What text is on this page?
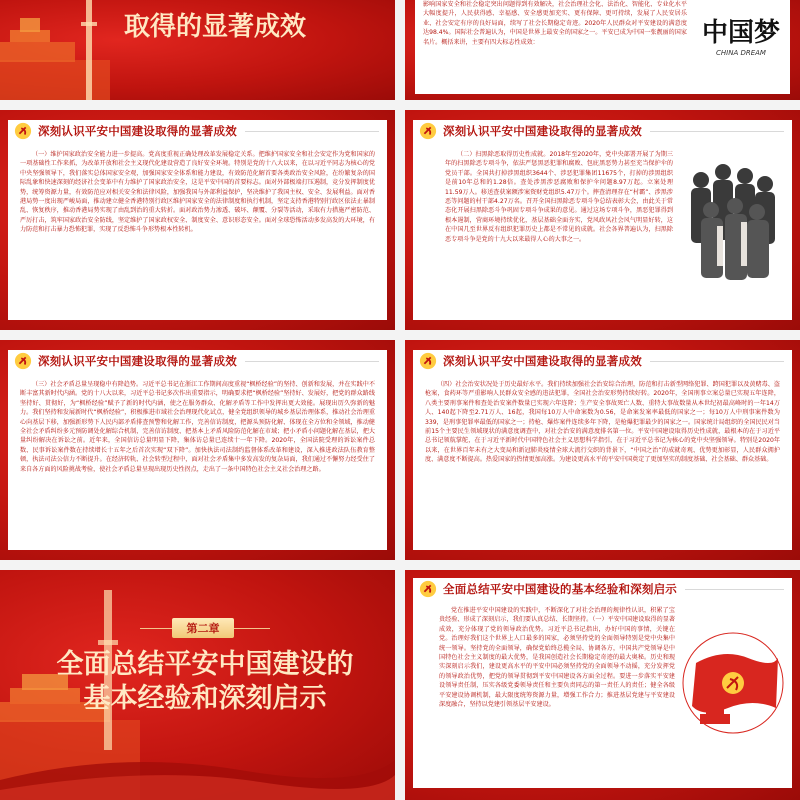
取得的显著成效
影响国家安全和社会稳定突出问题得到有效解决，社会治理社会化、法治化、智能化、专业化水平大幅度提升，人民获得感、幸福感、安全感更加充实、更有保障、更可持续，发展了人民安居乐业、社会安定有序的良好局面，续写了社会长期稳定奇迹。2020年人民群众对平安建设的满意度达98.4%。国际社会普遍认为，中国是世界上最安全的国家之一。平安已成为中国一张靓丽的国家名片。概括来讲，主要有四大标志性成效：	中国梦
CHINA DREAM
深刻认识平安中国建设取得的显著成效
（一）维护国家政治安全能力进一步提高。党高度重视正确处理改革发展稳定关系。把维护国家安全和社会安定作为党和国家的一项基础性工作来抓，为改革开放和社会主义现代化建设营造了良好安全环境。特别是党的十八大以来，在以习近平同志为核心的党中央坚强领导下，我们落实总体国家安全观，加强国家安全体系和能力建设，有效防范化解首要各类政治安全风险，在纷繁复杂的国际乱象和快速深刻的经济社会变革中有力维护了国家政治安全，这是平安中国的首要标志。面对外部极端打压遏制，竞分发挥制度优势，统筹资源力量，有效防范应对相关安全和法律风险，加强我国与外部利益保护，坚决维护了我国主权、安全、发展利益。面对香港局势一度出现严峻局面，推动建立健全香港特别行政区维护国家安全的法律制度和执行机制，坚定支持香港特别行政区依法止暴制乱、恢复秩序，推动香港局势实现了由乱到治的重大转折。面对政治势力渗透、破坏、颠覆、分裂等活动，采取有力措施严密防范、严厉打击，筑牢国家政治安全防线，坚定维护了国家政权安全、制度安全、意识形态安全。面对全球恐怖活动多发高发的大环境，有力防范和打击暴力恐怖犯罪，实现了反恐怖斗争形势根本性转机。
深刻认识平安中国建设取得的显著成效
（二）扫黑除恶取得历史性成就。2018年至2020年，党中央部署开展了为期三年的扫黑除恶专项斗争，依法严惩黑恶犯罪和腐败、包庇黑恶势力甚至充当保护伞的党员干部。全国共打掉涉黑组织3644个、涉恶犯罪集团11675个，打掉的涉黑组织是前10年总和的1.28倍。查处涉黑涉恶腐败和保护伞问题8.97万起。立案处理11.59万人。移送查获案额涉案资财党组织5.47万个。摔查清理存在“村霸”、涉黑涉恶等问题的村干部4.27万名。召开全国扫黑除恶专项斗争总结表彰大会，由此关于常态化开展扫黑除恶斗争巩固专项斗争成果的意见。通过这场专项斗争，黑恶犯罪得到根本遏制，营商环境持续优化，基层基础全面夯实，党风政风社会风气明显好转，这在中国几至世界反有组织犯罪历史上都是不常见的成就。社会各界普遍认为，扫黑除恶专项斗争是党的十九大以来最得人心的大事之一。
深刻认识平安中国建设取得的显著成效
（三）社会矛盾总量呈现稳中有降趋势。习近平总书记在浙江工作期间高度重视“枫桥经验”的坚持、创新和发展，并在实践中不断丰富其新时代内涵。党的十八大以来，习近平总书记多次作出重要指示，明确要求把“枫桥经验”坚持好、发展好，把党的群众路线坚持好、贯彻好，为“枫桥经验”赋予了新的时代内涵，使之在服务群众、化解矛盾等工作中发挥出更大效能。展现出历久弥新的魅力。我们坚持和发展新时代“枫桥经验”，积极推进市域社会治理现代化试点，健全党组织领导的城乡基层治理体系，推动社会治理重心向基层下移，加强新形势下人民内部矛盾排查预警和化解工作，完善信访制度，把源头预防化解、体现在全方位和全领域，推动健全社会矛盾纠纷多元预防调处化解综合机制，完善信访制度、把基本上矛盾风险防范化解在市域；把小矛盾小问题化解在基层，把大量纠纷解决在诉讼之前。近年来，全国信访总量明显下降，集体访总量已连续十一年下降。2020年，全国法院受理的诉讼案件总数、民事诉讼案件数在持续增长十五年之后首次实现“双下降”。加快执法司法制约监督体系改革和建设，深入推进政法队伍教育整顿，执法司法公信力不断提升。在经济转轨、社会转型过程中，面对社会矛盾集中多发高发的复杂局面，我们通过不懈努力经受住了来自各方面的风险挑战考验，使社会矛盾总量呈现出现历史性拐点，走出了一条中国特色社会主义社会治理之路。
深刻认识平安中国建设取得的显著成效
（四）社会治安状况处于历史最好水平。我们持续加强社会治安综合治理，防范和打击新型网络犯罪、跨国犯罪以及黄赌毒、盗枪案，食药环等严重影响人民群众安全感的违法犯罪，全国社会治安形势持续好转。2020年，全国刑事立案总量已实现五年连降，八类主要刑事案件和查处治安案件数量已实现六年连降；生产安全事故死亡人数、重特大事故数量从本世纪初最高峰时的一年14万人、140起下降至2.71万人、16起，我国每10万人中命案数为0.56，是命案发案率最低的国家之一；每10万人中刑事案件数为339，是刑事犯罪率最低的国家之一；持枪、爆炸案件连续多年下降，是枪爆犯罪最少的国家之一。国家统计局组织的全国民民对当前15个主要民生领域现状的满意度调查中，对社会治安的满意度排名第一位。平安中国建设取得历史性成就，最根本的在于习近平总书记领航掌舵，在于习近平新时代中国特色社会主义思想科学指引，在于习近平总书记为核心的党中央坚强领导。特别是2020年以来，在世界百年未有之大变局和新冠肺炎疫情全球大流行交织的背景下，“中国之治”的成就奇观、优势更加彰显，人民群众拥护度、满意度不断提高。热爱国家的热情更加高涨。为建设更高水平的平安中国奠定了更加坚实的制度基础、社会基础、群众基础。
第二章
全面总结平安中国建设的
基本经验和深刻启示
全面总结平安中国建设的基本经验和深刻启示
党在推进平安中国建设的实践中，不断深化了对社会治理的规律性认识，积累了宝贵经验、形成了深刻启示，我们要认真总结、长期坚持。（一）平安中国建设取得的显著成效，充分体现了党的领导政治优势。习近平总书记指出，办好中国的事情，关键在党。治理好我们这个世界上人口最多的国家，必须坚持党的全面领导特别是党中央集中统一领导。坚持党的全面领导，确保党始终总揽全局、协调各方，中国共产党领导是中国特色社会主义制度的最大优势，是我国创造社会长期稳定奇迹的最大奥秘。历史和现实深刻启示我们，建设更高水平的平安中国必须坚持党的全面领导不动摇，充分发挥党的领导政治优势，把党的领导贯彻到平安中国建设各方面全过程。要进一步落实平安建设领导责任制，压实各级党委领导责任和主要负责同志的第一责任人的责任；健全各级平安建设协调机制，最大限度统筹资源力量，增强工作合力；推进基层党建与平安建设深度融合，坚持以党建引领基层平安建设。
